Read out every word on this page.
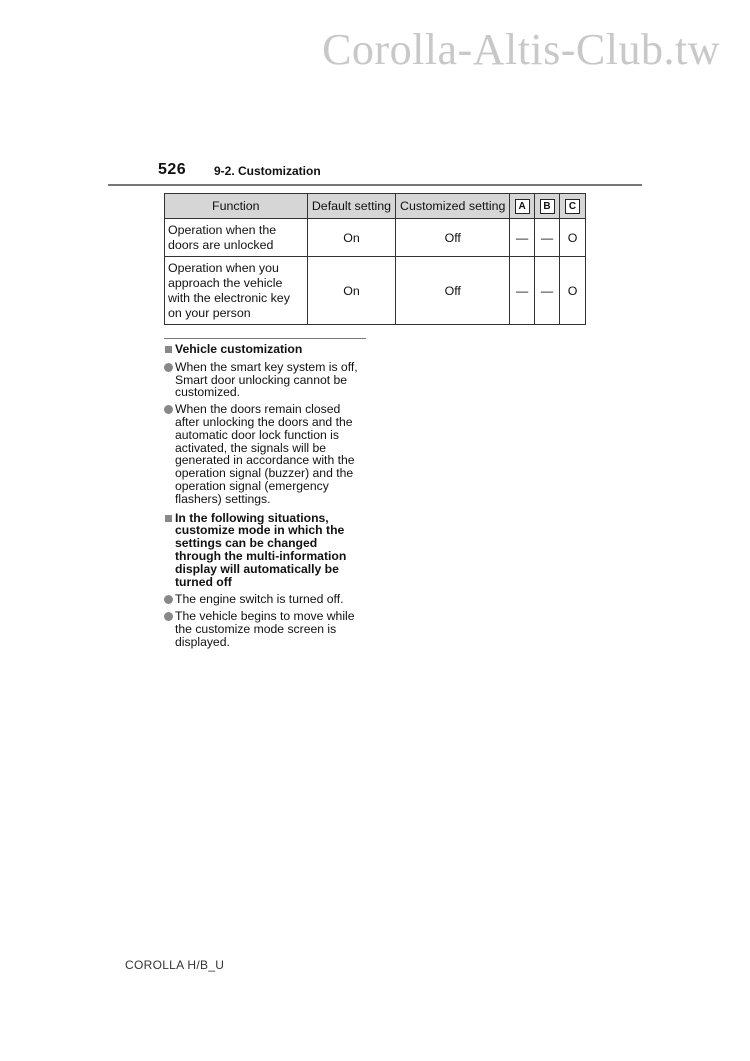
Corolla-Altis-Club.tw
526 9-2. Customization
Function	Default setting	Customized setting	A	B	C
Operation when the doors are unlocked	On	Off	—	—	O
Operation when you approach the vehicle with the electronic key on your person	On	Off	—	—	O
Vehicle customization
When the smart key system is off, Smart door unlocking cannot be customized.
When the doors remain closed after unlocking the doors and the automatic door lock function is activated, the signals will be generated in accordance with the operation signal (buzzer) and the operation signal (emergency flashers) settings.
In the following situations, customize mode in which the settings can be changed through the multi-information display will automatically be turned off
The engine switch is turned off.
The vehicle begins to move while the customize mode screen is displayed.
COROLLA H/B_U
